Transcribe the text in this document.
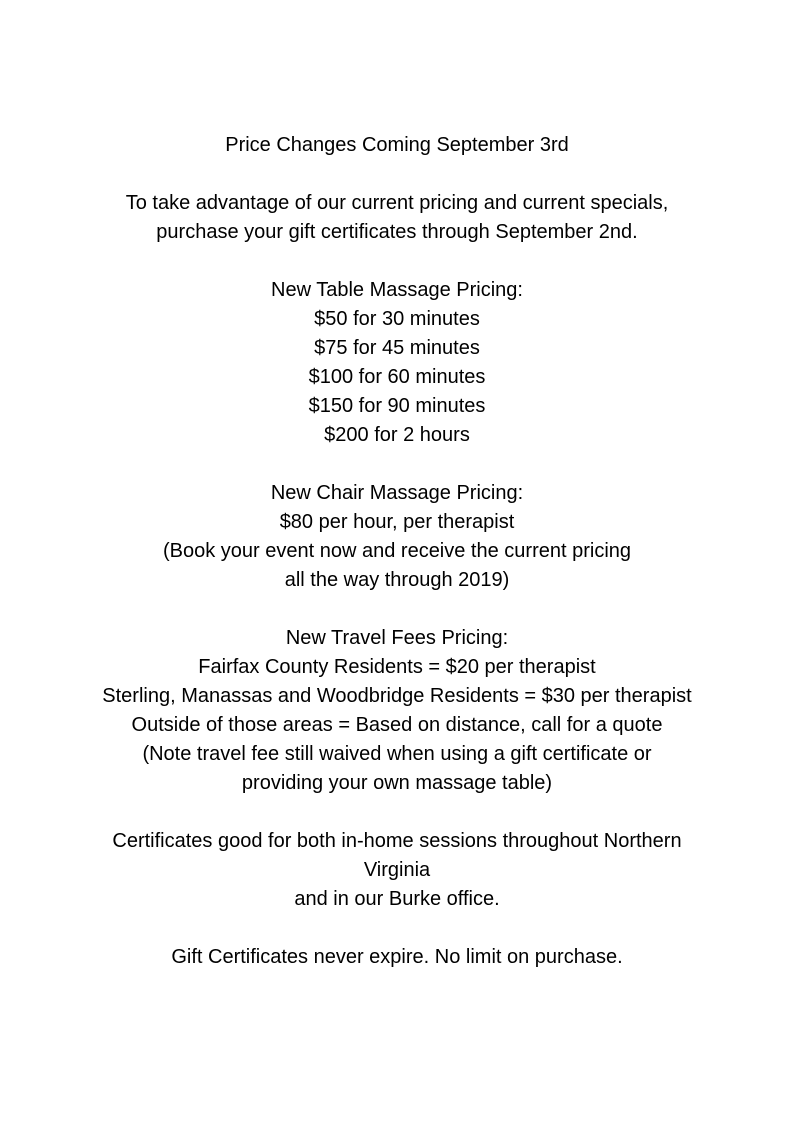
Price Changes Coming September 3rd
To take advantage of our current pricing and current specials,
purchase your gift certificates through September 2nd.
New Table Massage Pricing:
$50 for 30 minutes
$75 for 45 minutes
$100 for 60 minutes
$150 for 90 minutes
$200 for 2 hours
New Chair Massage Pricing:
$80 per hour, per therapist
(Book your event now and receive the current pricing
all the way through 2019)
New Travel Fees Pricing:
Fairfax County Residents = $20 per therapist
Sterling, Manassas and Woodbridge Residents = $30 per therapist
Outside of those areas = Based on distance, call for a quote
(Note travel fee still waived when using a gift certificate or
providing your own massage table)
Certificates good for both in-home sessions throughout Northern Virginia
and in our Burke office.
Gift Certificates never expire. No limit on purchase.
